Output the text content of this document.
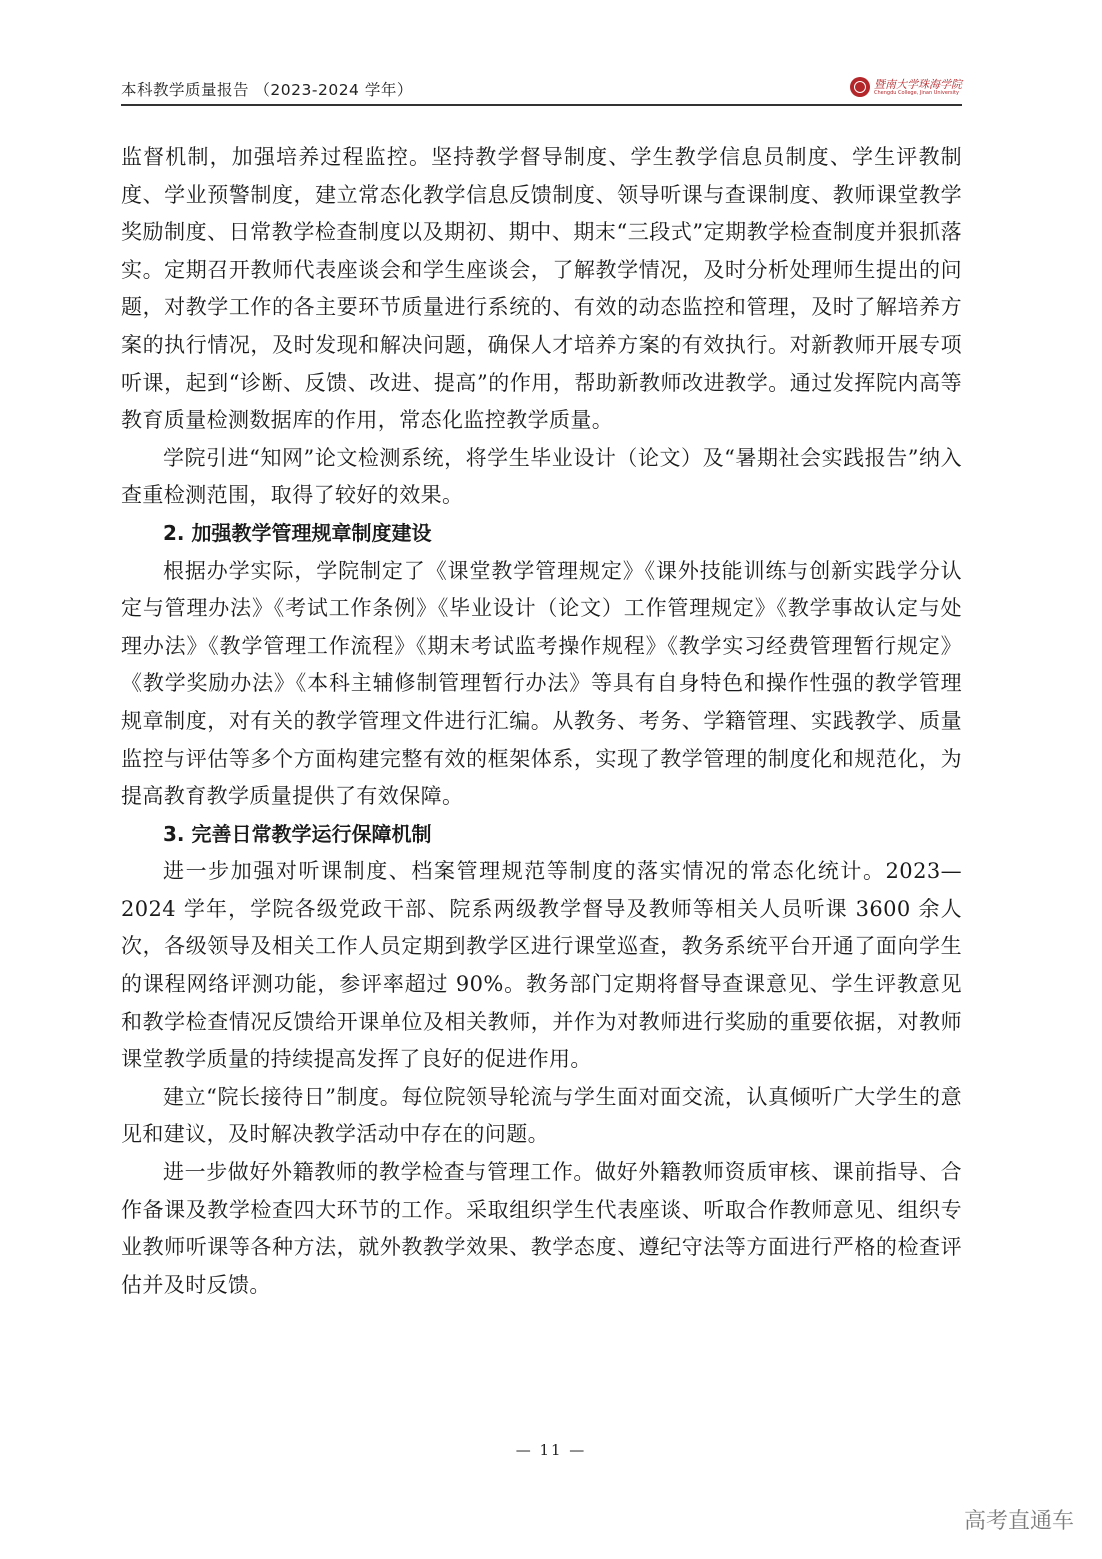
本科教学质量报告 （2023-2024 学年）	暨南大学珠海学院
Chengdu College, Jinan University

监督机制，加强培养过程监控。坚持教学督导制度、学生教学信息员制度、学生评教制度、学业预警制度，建立常态化教学信息反馈制度、领导听课与查课制度、教师课堂教学奖励制度、日常教学检查制度以及期初、期中、期末“三段式”定期教学检查制度并狠抓落实。定期召开教师代表座谈会和学生座谈会，了解教学情况，及时分析处理师生提出的问题，对教学工作的各主要环节质量进行系统的、有效的动态监控和管理，及时了解培养方案的执行情况，及时发现和解决问题，确保人才培养方案的有效执行。对新教师开展专项听课，起到“诊断、反馈、改进、提高”的作用，帮助新教师改进教学。通过发挥院内高等教育质量检测数据库的作用，常态化监控教学质量。

学院引进“知网”论文检测系统，将学生毕业设计（论文）及“暑期社会实践报告”纳入查重检测范围，取得了较好的效果。

2. 加强教学管理规章制度建设

根据办学实际，学院制定了《课堂教学管理规定》《课外技能训练与创新实践学分认定与管理办法》《考试工作条例》《毕业设计（论文）工作管理规定》《教学事故认定与处理办法》《教学管理工作流程》《期末考试监考操作规程》《教学实习经费管理暂行规定》《教学奖励办法》《本科主辅修制管理暂行办法》等具有自身特色和操作性强的教学管理规章制度，对有关的教学管理文件进行汇编。从教务、考务、学籍管理、实践教学、质量监控与评估等多个方面构建完整有效的框架体系，实现了教学管理的制度化和规范化，为提高教育教学质量提供了有效保障。

3. 完善日常教学运行保障机制

进一步加强对听课制度、档案管理规范等制度的落实情况的常态化统计。2023—2024 学年，学院各级党政干部、院系两级教学督导及教师等相关人员听课 3600 余人次，各级领导及相关工作人员定期到教学区进行课堂巡查，教务系统平台开通了面向学生的课程网络评测功能，参评率超过 90%。教务部门定期将督导查课意见、学生评教意见和教学检查情况反馈给开课单位及相关教师，并作为对教师进行奖励的重要依据，对教师课堂教学质量的持续提高发挥了良好的促进作用。

建立“院长接待日”制度。每位院领导轮流与学生面对面交流，认真倾听广大学生的意见和建议，及时解决教学活动中存在的问题。

进一步做好外籍教师的教学检查与管理工作。做好外籍教师资质审核、课前指导、合作备课及教学检查四大环节的工作。采取组织学生代表座谈、听取合作教师意见、组织专业教师听课等各种方法，就外教教学效果、教学态度、遵纪守法等方面进行严格的检查评估并及时反馈。

— 11 —
高考直通车
